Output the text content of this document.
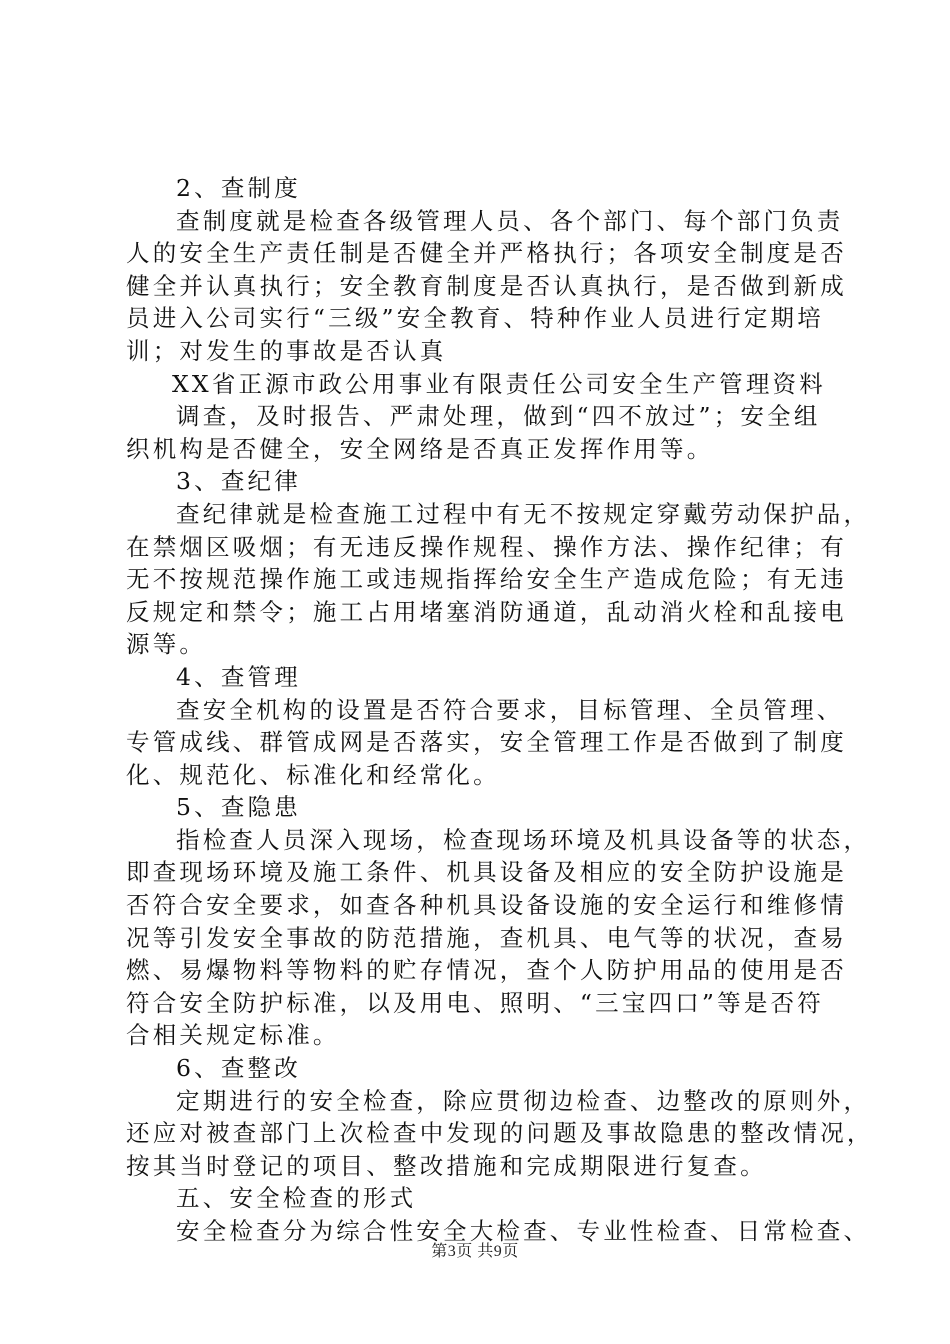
2、查制度
查制度就是检查各级管理人员、各个部门、每个部门负责
人的安全生产责任制是否健全并严格执行；各项安全制度是否
健全并认真执行；安全教育制度是否认真执行，是否做到新成
员进入公司实行“三级”安全教育、特种作业人员进行定期培
训；对发生的事故是否认真
XX省正源市政公用事业有限责任公司安全生产管理资料
调查，及时报告、严肃处理，做到“四不放过”；安全组
织机构是否健全，安全网络是否真正发挥作用等。
3、查纪律
查纪律就是检查施工过程中有无不按规定穿戴劳动保护品，
在禁烟区吸烟；有无违反操作规程、操作方法、操作纪律；有
无不按规范操作施工或违规指挥给安全生产造成危险；有无违
反规定和禁令；施工占用堵塞消防通道，乱动消火栓和乱接电
源等。
4、查管理
查安全机构的设置是否符合要求，目标管理、全员管理、
专管成线、群管成网是否落实，安全管理工作是否做到了制度
化、规范化、标准化和经常化。
5、查隐患
指检查人员深入现场，检查现场环境及机具设备等的状态，
即查现场环境及施工条件、机具设备及相应的安全防护设施是
否符合安全要求，如查各种机具设备设施的安全运行和维修情
况等引发安全事故的防范措施，查机具、电气等的状况，查易
燃、易爆物料等物料的贮存情况，查个人防护用品的使用是否
符合安全防护标准，以及用电、照明、“三宝四口”等是否符
合相关规定标准。
6、查整改
定期进行的安全检查，除应贯彻边检查、边整改的原则外，
还应对被查部门上次检查中发现的问题及事故隐患的整改情况，
按其当时登记的项目、整改措施和完成期限进行复查。
五、安全检查的形式
安全检查分为综合性安全大检查、专业性检查、日常检查、
第3页 共9页
